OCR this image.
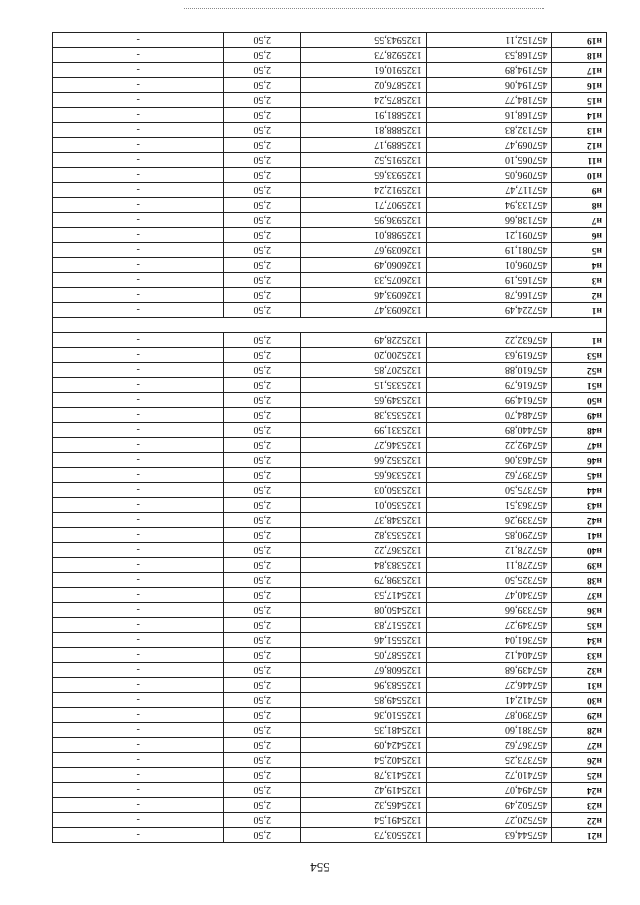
554
н21	457544,63	1325503,73	2,50	-
н22	457520,27	1325491,54	2,50	-
н23	457502,49	1325465,32	2,50	-
н24	457494,07	1325419,42	2,50	-
н25	457410,72	1325413,78	2,50	-
н26	457373,25	1325402,54	2,50	-
н27	457367,62	1325424,09	2,50	-
н28	457381,60	1325481,35	2,50	-
н29	457390,87	1325510,36	2,50	-
н30	457412,41	1325549,85	2,50	-
н31	457446,27	1325583,96	2,50	-
н32	457439,68	1325608,67	2,50	-
н33	457404,12	1325587,05	2,50	-
н34	457361,04	1325551,46	2,50	-
н35	457349,27	1325517,83	2,50	-
н36	457339,66	1325450,08	2,50	-
н37	457340,47	1325417,53	2,50	-
н38	457325,50	1325398,79	2,50	-
н39	457278,11	1325383,84	2,50	-
н40	457278,12	1325367,22	2,50	-
н41	457290,85	1325353,82	2,50	-
н42	457339,26	1325348,37	2,50	-
н43	457363,51	1325350,01	2,50	-
н44	457375,50	1325350,03	2,50	-
н45	457397,62	1325336,65	2,50	-
н46	457463,06	1325352,66	2,50	-
н47	457492,22	1325346,27	2,50	-
н48	457440,89	1325331,99	2,50	-
н49	457484,70	1325353,38	2,50	-
н50	457614,99	1325349,65	2,50	-
н51	457616,79	1325335,15	2,50	-
н52	457610,88	1325207,85	2,50	-
н53	457619,63	1325200,20	2,50	-
н1	457632,22	1325228,49	2,50	-

н1	457224,49	1326093,47	2,50	-
н2	457166,78	1326093,46	2,50	-
н3	457165,19	1326075,33	2,50	-
н4	457096,01	1326060,49	2,50	-
н5	457081,19	1326039,67	2,50	-
н6	457091,21	1325988,01	2,50	-
н7	457138,66	1325936,95	2,50	-
н8	457133,94	1325907,71	2,50	-
н9	457117,47	1325912,24	2,50	-
н10	457096,05	1325933,65	2,50	-
н11	457065,10	1325915,52	2,50	-
н12	457069,47	1325889,17	2,50	-
н13	457132,83	1325888,81	2,50	-
н14	457168,16	1325881,91	2,50	-
н15	457184,77	1325875,24	2,50	-
н16	457194,06	1325876,02	2,50	-
н17	457194,89	1325910,61	2,50	-
н18	457168,53	1325928,73	2,50	-
н19	457152,11	1325943,55	2,50	-
